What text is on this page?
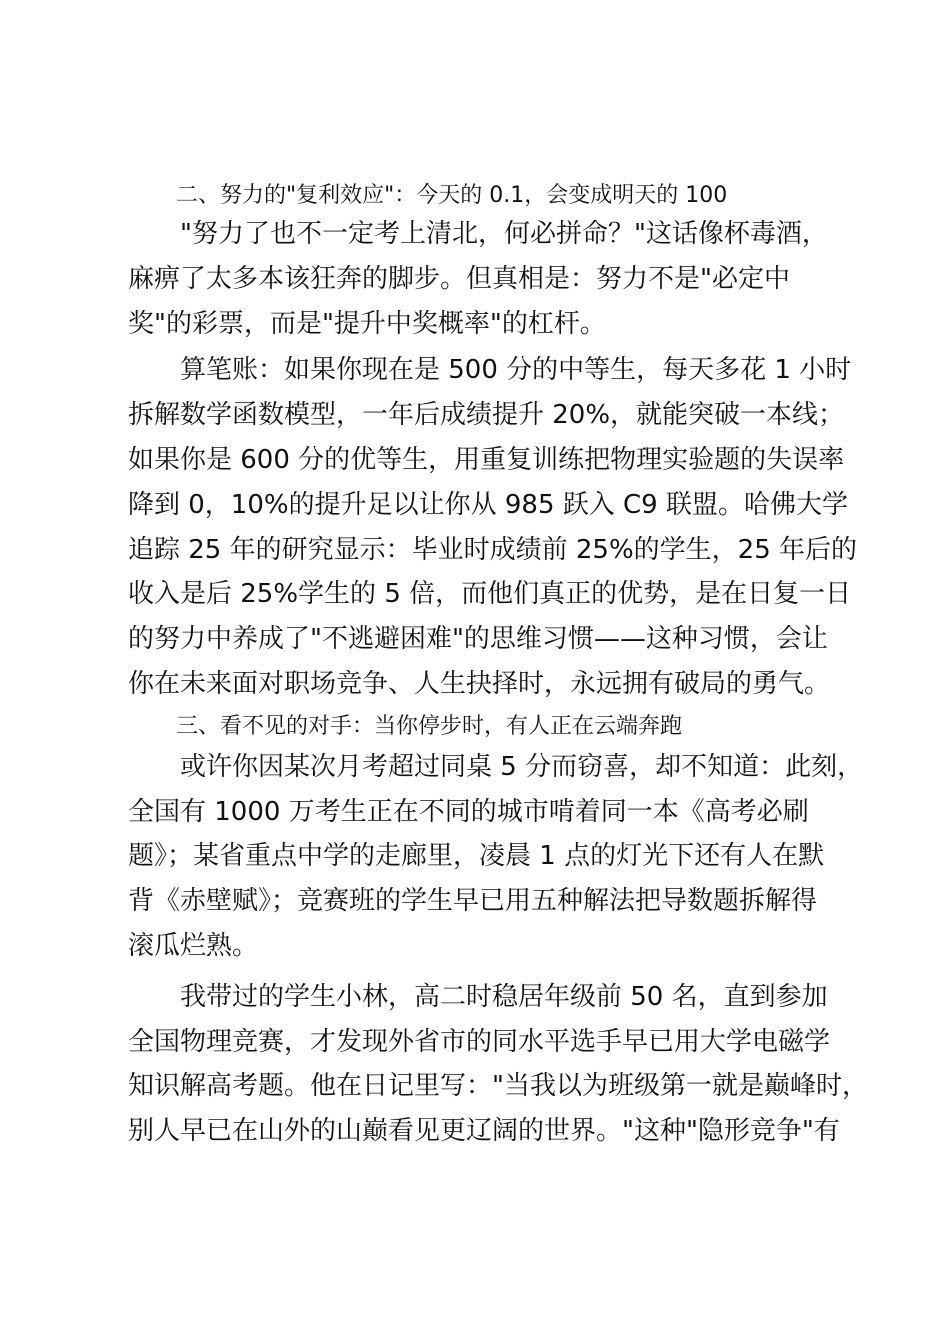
二、努力的"复利效应"：今天的 0.1，会变成明天的 100

"努力了也不一定考上清北，何必拼命？"这话像杯毒酒，
麻痹了太多本该狂奔的脚步。但真相是：努力不是"必定中
奖"的彩票，而是"提升中奖概率"的杠杆。

算笔账：如果你现在是 500 分的中等生，每天多花 1 小时
拆解数学函数模型，一年后成绩提升 20%，就能突破一本线；
如果你是 600 分的优等生，用重复训练把物理实验题的失误率
降到 0，10%的提升足以让你从 985 跃入 C9 联盟。哈佛大学
追踪 25 年的研究显示：毕业时成绩前 25%的学生，25 年后的
收入是后 25%学生的 5 倍，而他们真正的优势，是在日复一日
的努力中养成了"不逃避困难"的思维习惯——这种习惯，会让
你在未来面对职场竞争、人生抉择时，永远拥有破局的勇气。

三、看不见的对手：当你停步时，有人正在云端奔跑

或许你因某次月考超过同桌 5 分而窃喜，却不知道：此刻，
全国有 1000 万考生正在不同的城市啃着同一本《高考必刷
题》；某省重点中学的走廊里，凌晨 1 点的灯光下还有人在默
背《赤壁赋》；竞赛班的学生早已用五种解法把导数题拆解得
滚瓜烂熟。

我带过的学生小林，高二时稳居年级前 50 名，直到参加
全国物理竞赛，才发现外省市的同水平选手早已用大学电磁学
知识解高考题。他在日记里写："当我以为班级第一就是巅峰时，
别人早已在山外的山巅看见更辽阔的世界。"这种"隐形竞争"有
